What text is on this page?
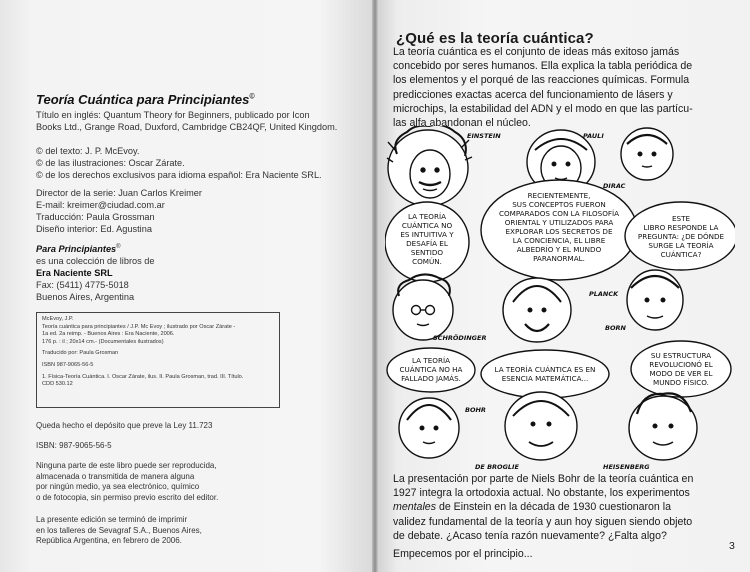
Teoría Cuántica para Principiantes©
Título en inglés: Quantum Theory for Beginners, publicado por Icon
Books Ltd., Grange Road, Duxford, Cambridge CB24QF, United Kingdom.
© del texto: J. P. McEvoy.
© de las ilustraciones: Oscar Zárate.
© de los derechos exclusivos para idioma español: Era Naciente SRL.
Director de la serie: Juan Carlos Kreimer
E-mail: kreimer@ciudad.com.ar
Traducción: Paula Grossman
Diseño interior: Ed. Agustina
Para Principiantes®
es una colección de libros de
Era Naciente SRL
Fax: (5411) 4775-5018
Buenos Aires, Argentina
McEvoy, J.P.
Teoría cuántica para principiantes / J.P. Mc Evoy ; ilustrado por Oscar Zárate -
1a ed. 2a reimp. - Buenos Aires : Era Naciente, 2006.
176 p. : il ; 20x14 cm.- (Documentales ilustrados)
Traducido por: Paula Grosman
ISBN 987-9065-56-5
1. Física-Teoría Cuántica. I. Oscar Zárate, ilus. II. Paula Grosman, trad. III. Título.
CDD 530.12
Queda hecho el depósito que preve la Ley 11.723
ISBN: 987-9065-56-5
Ninguna parte de este libro puede ser reproducida,
almacenada o transmitida de manera alguna
por ningún medio, ya sea electrónico, químico
o de fotocopia, sin permiso previo escrito del editor.
La presente edición se terminó de imprimir
en los talleres de Sevagraf S.A., Buenos Aires,
República Argentina, en febrero de 2006.
¿Qué es la teoría cuántica?
La teoría cuántica es el conjunto de ideas más exitoso jamás
concebido por seres humanos. Ella explica la tabla periódica de
los elementos y el porqué de las reacciones químicas. Formula
predicciones exactas acerca del funcionamiento de lásers y
microchips, la estabilidad del ADN y el modo en que las partícu-
las alfa abandonan el núcleo.
EINSTEIN	PAULI
DIRAC
PLANCK
SCHRÖDINGER
BORN
BOHR
DE BROGLIE	HEISENBERG
LA TEORÍA
CUÁNTICA NO
ES INTUITIVA Y
DESAFÍA EL
SENTIDO
COMÚN.
RECIENTEMENTE,
SUS CONCEPTOS FUERON
COMPARADOS CON LA FILOSOFÍA
ORIENTAL Y UTILIZADOS PARA
EXPLORAR LOS SECRETOS DE
LA CONCIENCIA, EL LIBRE
ALBEDRÍO Y EL MUNDO
PARANORMAL.
ESTE
LIBRO RESPONDE LA
PREGUNTA: ¿DE DÓNDE
SURGE LA TEORÍA
CUÁNTICA?
LA TEORÍA
CUÁNTICA NO HA
FALLADO JAMÁS.
LA TEORÍA CUÁNTICA ES EN
ESENCIA MATEMÁTICA...
SU ESTRUCTURA
REVOLUCIONÓ EL
MODO DE VER EL
MUNDO FÍSICO.
La presentación por parte de Niels Bohr de la teoría cuántica en
1927 integra la ortodoxia actual. No obstante, los experimentos
mentales de Einstein en la década de 1930 cuestionaron la
validez fundamental de la teoría y aun hoy siguen siendo objeto
de debate. ¿Acaso tenía razón nuevamente? ¿Falta algo?
Empecemos por el principio...
3
